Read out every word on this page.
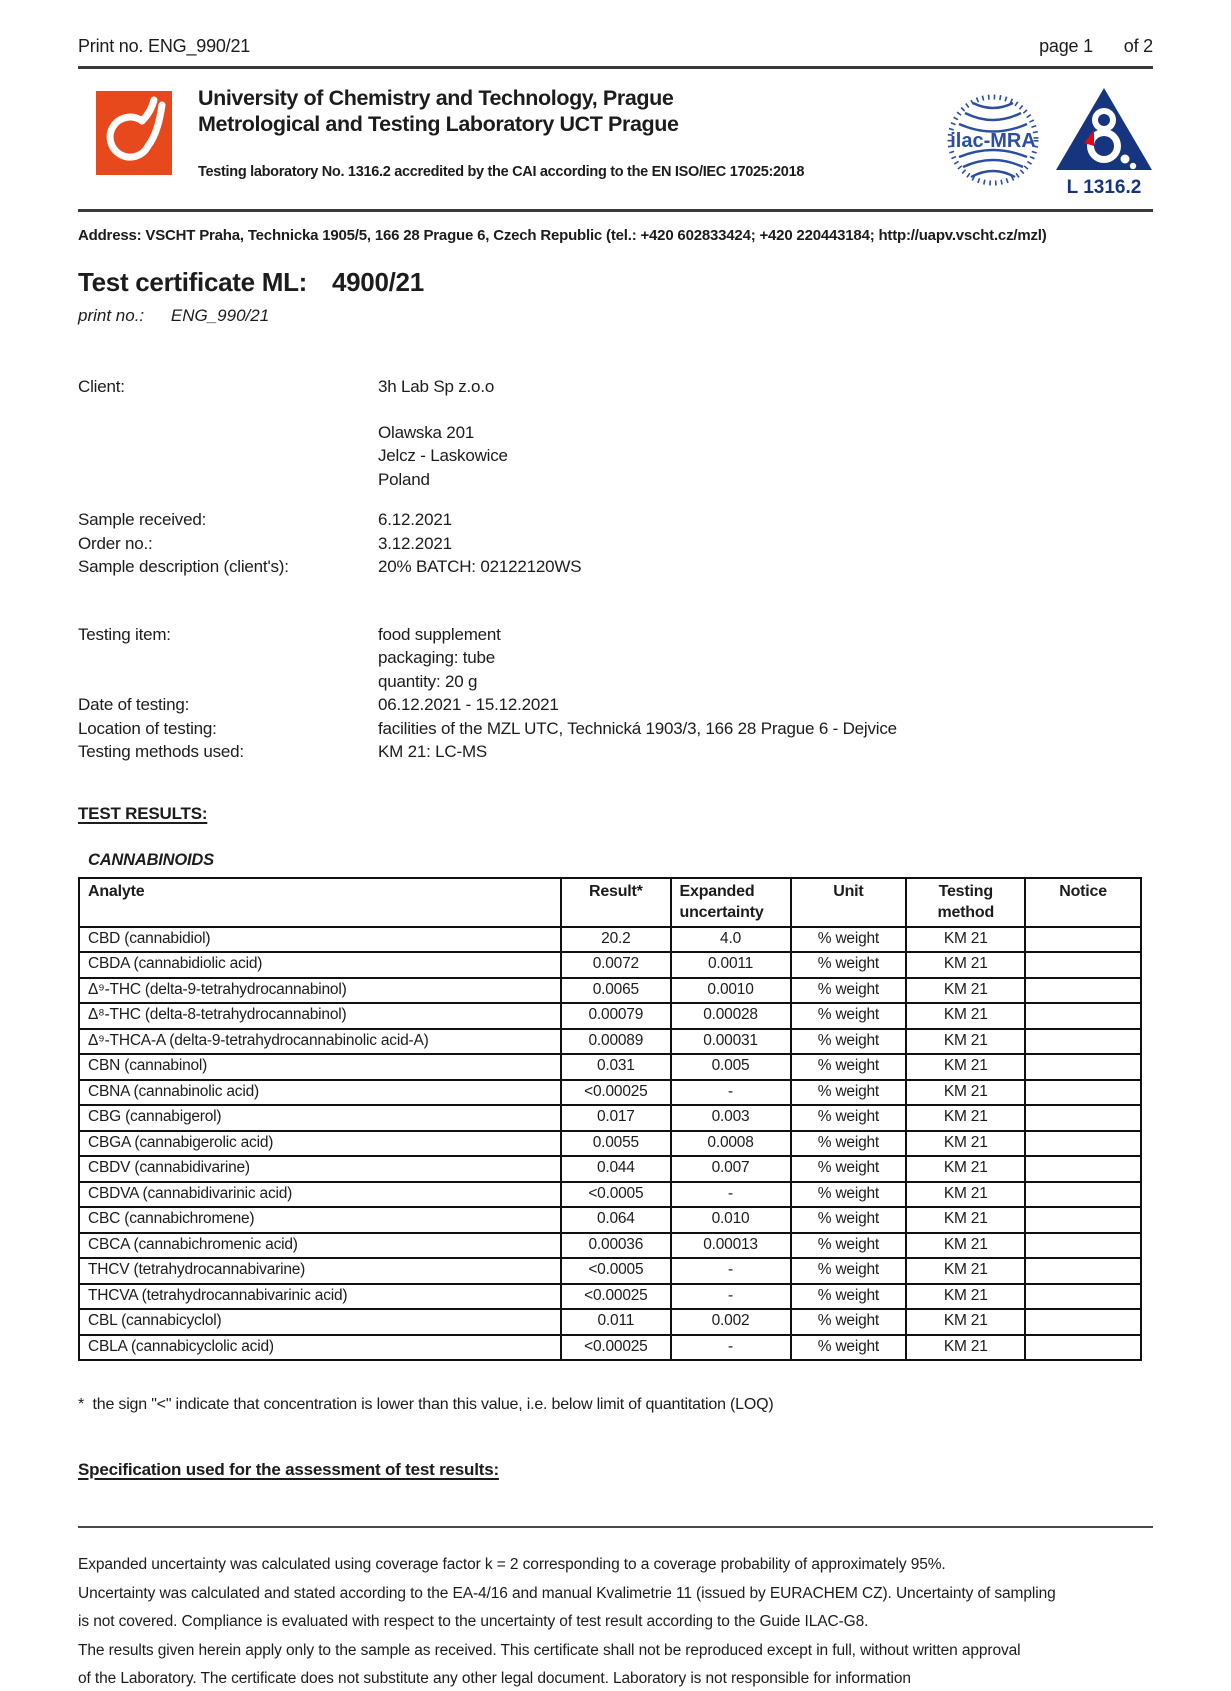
Print no. ENG_990/21	page 1 of 2
University of Chemistry and Technology, Prague
Metrological and Testing Laboratory UCT Prague
Testing laboratory No. 1316.2 accredited by the CAI according to the EN ISO/IEC 17025:2018
ilac-MRA
L 1316.2
Address: VSCHT Praha, Technicka 1905/5, 166 28 Prague 6, Czech Republic (tel.: +420 602833424; +420 220443184; http://uapv.vscht.cz/mzl)
Test certificate ML: 4900/21
print no.: ENG_990/21
Client:	3h Lab Sp z.o.o
Olawska 201
Jelcz - Laskowice
Poland
Sample received:	6.12.2021
Order no.:	3.12.2021
Sample description (client's):	20% BATCH: 02122120WS
Testing item:	food supplement
packaging: tube
quantity: 20 g
Date of testing:	06.12.2021 - 15.12.2021
Location of testing:	facilities of the MZL UTC, Technická 1903/3, 166 28 Prague 6 - Dejvice
Testing methods used:	KM 21: LC-MS
TEST RESULTS:
CANNABINOIDS
Analyte	Result*	Expanded uncertainty	Unit	Testing method	Notice
CBD (cannabidiol)	20.2	4.0	% weight	KM 21	
CBDA (cannabidiolic acid)	0.0072	0.0011	% weight	KM 21	
Δ⁹-THC (delta-9-tetrahydrocannabinol)	0.0065	0.0010	% weight	KM 21	
Δ⁸-THC (delta-8-tetrahydrocannabinol)	0.00079	0.00028	% weight	KM 21	
Δ⁹-THCA-A (delta-9-tetrahydrocannabinolic acid-A)	0.00089	0.00031	% weight	KM 21	
CBN (cannabinol)	0.031	0.005	% weight	KM 21	
CBNA (cannabinolic acid)	<0.00025	-	% weight	KM 21	
CBG (cannabigerol)	0.017	0.003	% weight	KM 21	
CBGA (cannabigerolic acid)	0.0055	0.0008	% weight	KM 21	
CBDV (cannabidivarine)	0.044	0.007	% weight	KM 21	
CBDVA (cannabidivarinic acid)	<0.0005	-	% weight	KM 21	
CBC (cannabichromene)	0.064	0.010	% weight	KM 21	
CBCA (cannabichromenic acid)	0.00036	0.00013	% weight	KM 21	
THCV (tetrahydrocannabivarine)	<0.0005	-	% weight	KM 21	
THCVA (tetrahydrocannabivarinic acid)	<0.00025	-	% weight	KM 21	
CBL (cannabicyclol)	0.011	0.002	% weight	KM 21	
CBLA (cannabicyclolic acid)	<0.00025	-	% weight	KM 21	
*  the sign "<" indicate that concentration is lower than this value, i.e. below limit of quantitation (LOQ)
Specification used for the assessment of test results:
Expanded uncertainty was calculated using coverage factor k = 2 corresponding to a coverage probability of approximately 95%.
Uncertainty was calculated and stated according to the EA-4/16 and manual Kvalimetrie 11 (issued by EURACHEM CZ). Uncertainty of sampling
is not covered. Compliance is evaluated with respect to the uncertainty of test result according to the Guide ILAC-G8.
The results given herein apply only to the sample as received. This certificate shall not be reproduced except in full, without written approval
of the Laboratory. The certificate does not substitute any other legal document. Laboratory is not responsible for information
